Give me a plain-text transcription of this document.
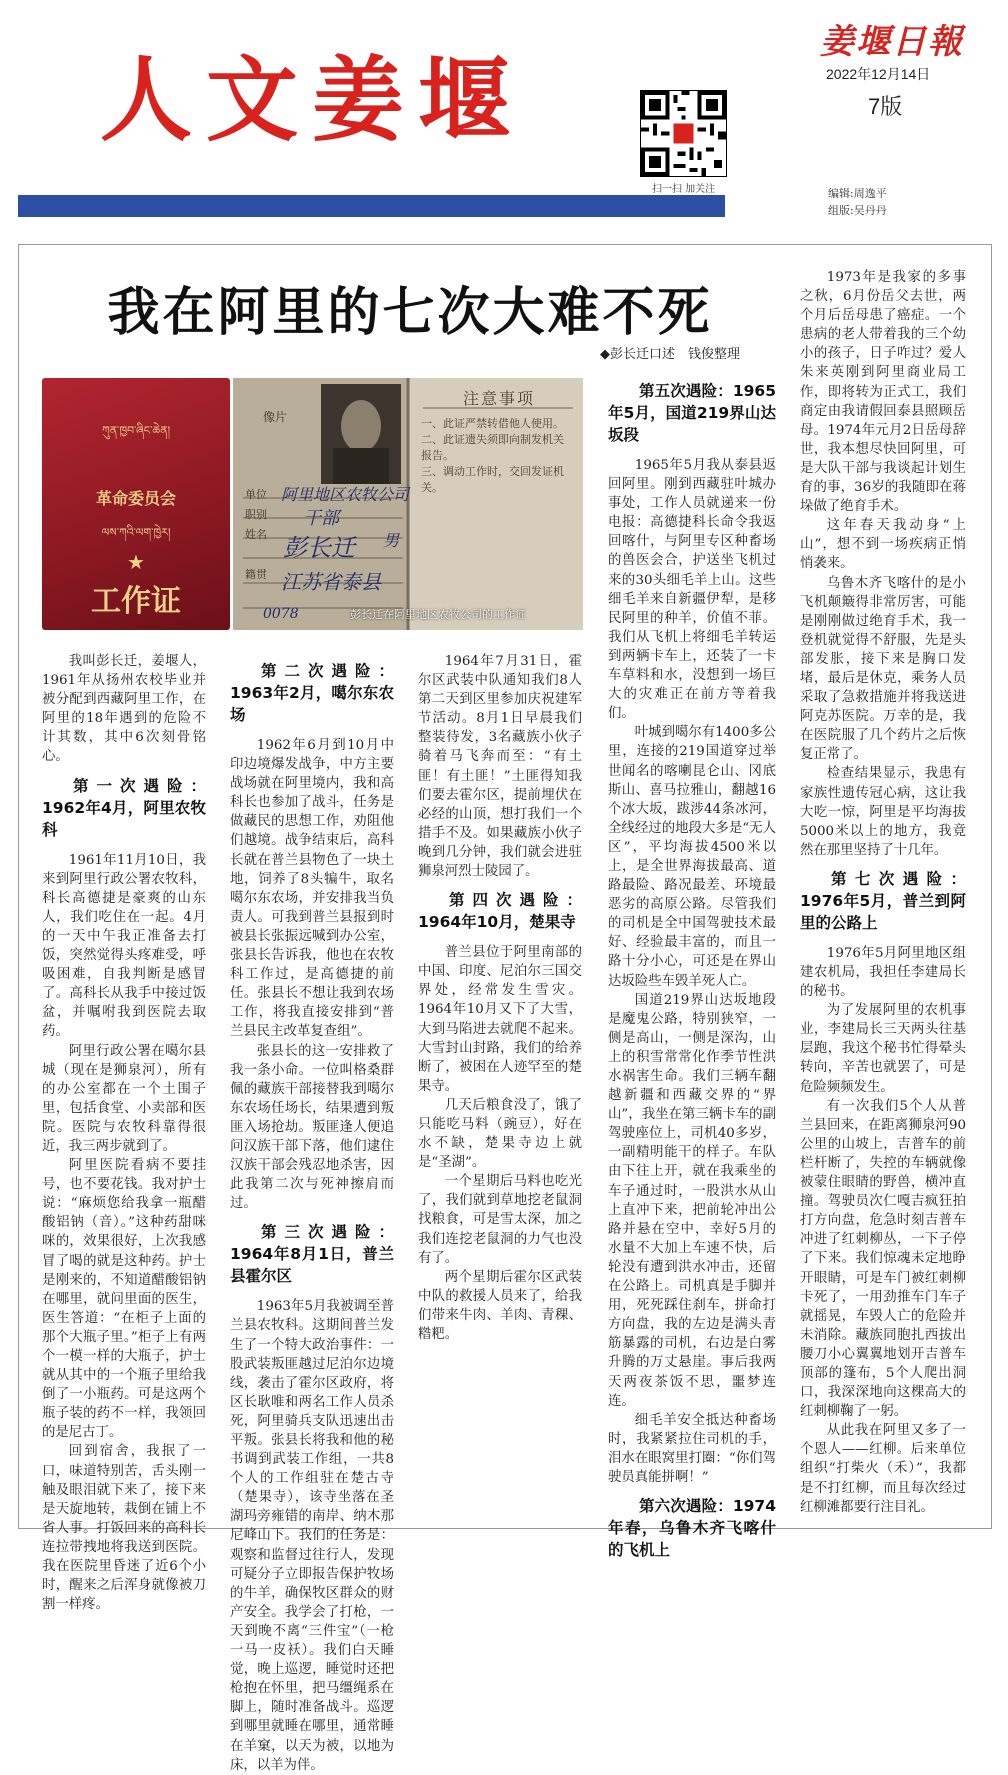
人文姜堰
姜堰日報
2022年12月14日
7版
扫一扫 加关注	编辑:周逸平
组版:吴丹丹
我在阿里的七次大难不死
◆彭长迁口述　钱俊整理
ཀུན་ཁྱབ་ཞིང་ཆེན།
革命委员会
ལས་ཀའི་ལག་ཁྱེར།
★
工作证
像片
单位
职别
姓名
籍贯
阿里地区农牧公司
干部
彭长迁 男
江苏省泰县
0078
注意事项
一、此证严禁转借他人使用。
二、此证遗失须即向制发机关报告。
三、调动工作时，交回发证机关。
彭长迁在阿里地区农牧公司的工作证

我叫彭长迁，姜堰人，1961年从扬州农校毕业并被分配到西藏阿里工作，在阿里的18年遇到的危险不计其数，其中6次刻骨铭心。

第一次遇险：1962年4月，阿里农牧科

1961年11月10日，我来到阿里行政公署农牧科，科长高德捷是豪爽的山东人，我们吃住在一起。4月的一天中午我正准备去打饭，突然觉得头疼难受，呼吸困难，自我判断是感冒了。高科长从我手中接过饭盆，并嘱咐我到医院去取药。

阿里行政公署在噶尔县城（现在是狮泉河），所有的办公室都在一个土围子里，包括食堂、小卖部和医院。医院与农牧科靠得很近，我三两步就到了。

阿里医院看病不要挂号，也不要花钱。我对护士说：“麻烦您给我拿一瓶醋酸铝钠（音）。”这种药甜咪咪的，效果很好，上次我感冒了喝的就是这种药。护士是刚来的，不知道醋酸铝钠在哪里，就问里面的医生，医生答道：“在柜子上面的那个大瓶子里。”柜子上有两个一模一样的大瓶子，护士就从其中的一个瓶子里给我倒了一小瓶药。可是这两个瓶子装的药不一样，我领回的是尼古丁。

回到宿舍，我抿了一口，味道特别苦，舌头刚一触及眼泪就下来了，接下来是天旋地转，栽倒在铺上不省人事。打饭回来的高科长连拉带拽地将我送到医院。我在医院里昏迷了近6个小时，醒来之后浑身就像被刀割一样疼。

第二次遇险：1963年2月，噶尔东农场

1962年6月到10月中印边境爆发战争，中方主要战场就在阿里境内，我和高科长也参加了战斗，任务是做藏民的思想工作，劝阻他们越境。战争结束后，高科长就在普兰县物色了一块土地，饲养了8头犏牛，取名噶尔东农场，并安排我当负责人。可我到普兰县报到时被县长张振远喊到办公室，张县长告诉我，他也在农牧科工作过，是高德捷的前任。张县长不想让我到农场工作，将我直接安排到“普兰县民主改革复查组”。

张县长的这一安排救了我一条小命。一位叫格桑群佩的藏族干部接替我到噶尔东农场任场长，结果遭到叛匪入场抢劫。叛匪逢人便追问汉族干部下落，他们逮住汉族干部会残忍地杀害，因此我第二次与死神擦肩而过。

第三次遇险：1964年8月1日，普兰县霍尔区

1963年5月我被调至普兰县农牧科。这期间普兰发生了一个特大政治事件：一股武装叛匪越过尼泊尔边境线，袭击了霍尔区政府，将区长耿唯和两名工作人员杀死，阿里骑兵支队迅速出击平叛。张县长将我和他的秘书调到武装工作组，一共8个人的工作组驻在楚古寺（楚果寺），该寺坐落在圣湖玛旁雍错的南岸、纳木那尼峰山下。我们的任务是：观察和监督过往行人，发现可疑分子立即报告保护牧场的牛羊，确保牧区群众的财产安全。我学会了打枪，一天到晚不离“三件宝”（一枪一马一皮袄）。我们白天睡觉，晚上巡逻，睡觉时还把枪抱在怀里，把马缰绳系在脚上，随时准备战斗。巡逻到哪里就睡在哪里，通常睡在羊窠，以天为被，以地为床，以羊为伴。

1964年7月31日，霍尔区武装中队通知我们8人第二天到区里参加庆祝建军节活动。8月1日早晨我们整装待发，3名藏族小伙子骑着马飞奔而至：“有土匪！有土匪！”土匪得知我们要去霍尔区，提前埋伏在必经的山顶，想打我们一个措手不及。如果藏族小伙子晚到几分钟，我们就会进驻狮泉河烈士陵园了。

第四次遇险：1964年10月，楚果寺

普兰县位于阿里南部的中国、印度、尼泊尔三国交界处，经常发生雪灾。1964年10月又下了大雪，大到马陷进去就爬不起来。大雪封山封路，我们的给养断了，被困在人迹罕至的楚果寺。

几天后粮食没了，饿了只能吃马料（豌豆），好在水不缺，楚果寺边上就是“圣湖”。

一个星期后马料也吃光了，我们就到草地挖老鼠洞找粮食，可是雪太深，加之我们连挖老鼠洞的力气也没有了。

两个星期后霍尔区武装中队的救援人员来了，给我们带来牛肉、羊肉、青稞、糌粑。

第五次遇险：1965年5月，国道219界山达坂段

1965年5月我从泰县返回阿里。刚到西藏驻叶城办事处，工作人员就递来一份电报：高德捷科长命令我返回喀什，与阿里专区种畜场的兽医会合，护送坐飞机过来的30头细毛羊上山。这些细毛羊来自新疆伊犁，是移民阿里的种羊，价值不菲。我们从飞机上将细毛羊转运到两辆卡车上，还装了一卡车草料和水，没想到一场巨大的灾难正在前方等着我们。

叶城到噶尔有1400多公里，连接的219国道穿过举世闻名的喀喇昆仑山、冈底斯山、喜马拉雅山，翻越16个冰大坂，跋涉44条冰河，全线经过的地段大多是“无人区”，平均海拔4500米以上，是全世界海拔最高、道路最险、路况最差、环境最恶劣的高原公路。尽管我们的司机是全中国驾驶技术最好、经验最丰富的，而且一路十分小心，可还是在界山达坂险些车毁羊死人亡。

国道219界山达坂地段是魔鬼公路，特别狭窄，一侧是高山，一侧是深沟，山上的积雪常常化作季节性洪水祸害生命。我们三辆车翻越新疆和西藏交界的“界山”，我坐在第三辆卡车的副驾驶座位上，司机40多岁，一副精明能干的样子。车队由下往上开，就在我乘坐的车子通过时，一股洪水从山上直冲下来，把前轮冲出公路并悬在空中，幸好5月的水量不大加上车速不快，后轮没有遭到洪水冲击，还留在公路上。司机真是手脚并用，死死踩住刹车，拼命打方向盘，我的左边是满头青筋暴露的司机，右边是白雾升腾的万丈悬崖。事后我两天两夜茶饭不思，噩梦连连。

细毛羊安全抵达种畜场时，我紧紧拉住司机的手，泪水在眼窝里打圈：“你们驾驶员真能拼啊！”

第六次遇险：1974年春，乌鲁木齐飞喀什的飞机上

1973年是我家的多事之秋，6月份岳父去世，两个月后岳母患了癌症。一个患病的老人带着我的三个幼小的孩子，日子咋过？爱人朱来英刚到阿里商业局工作，即将转为正式工，我们商定由我请假回泰县照顾岳母。1974年元月2日岳母辞世，我本想尽快回阿里，可是大队干部与我谈起计划生育的事，36岁的我随即在蒋垛做了绝育手术。

这年春天我动身“上山”，想不到一场疾病正悄悄袭来。

乌鲁木齐飞喀什的是小飞机颠簸得非常厉害，可能是刚刚做过绝育手术，我一登机就觉得不舒服，先是头部发胀，接下来是胸口发堵，最后是休克，乘务人员采取了急救措施并将我送进阿克苏医院。万幸的是，我在医院服了几个药片之后恢复正常了。

检查结果显示，我患有家族性遗传冠心病，这让我大吃一惊，阿里是平均海拔5000米以上的地方，我竟然在那里坚持了十几年。

第七次遇险：1976年5月，普兰到阿里的公路上

1976年5月阿里地区组建农机局，我担任李建局长的秘书。

为了发展阿里的农机事业，李建局长三天两头往基层跑，我这个秘书忙得晕头转向，辛苦也就罢了，可是危险频频发生。

有一次我们5个人从普兰县回来，在距离狮泉河90公里的山坡上，吉普车的前栏杆断了，失控的车辆就像被蒙住眼睛的野兽，横冲直撞。驾驶员次仁嘎吉疯狂拍打方向盘，危急时刻吉普车冲进了红刺柳丛，一下子停了下来。我们惊魂未定地睁开眼睛，可是车门被红刺柳卡死了，一用劲推车门车子就摇晃，车毁人亡的危险并未消除。藏族同胞扎西拔出腰刀小心翼翼地划开吉普车顶部的篷布，5个人爬出洞口，我深深地向这棵高大的红刺柳鞠了一躬。

从此我在阿里又多了一个恩人——红柳。后来单位组织“打柴火（禾）”，我都是不打红柳，而且每次经过红柳滩都要行注目礼。
